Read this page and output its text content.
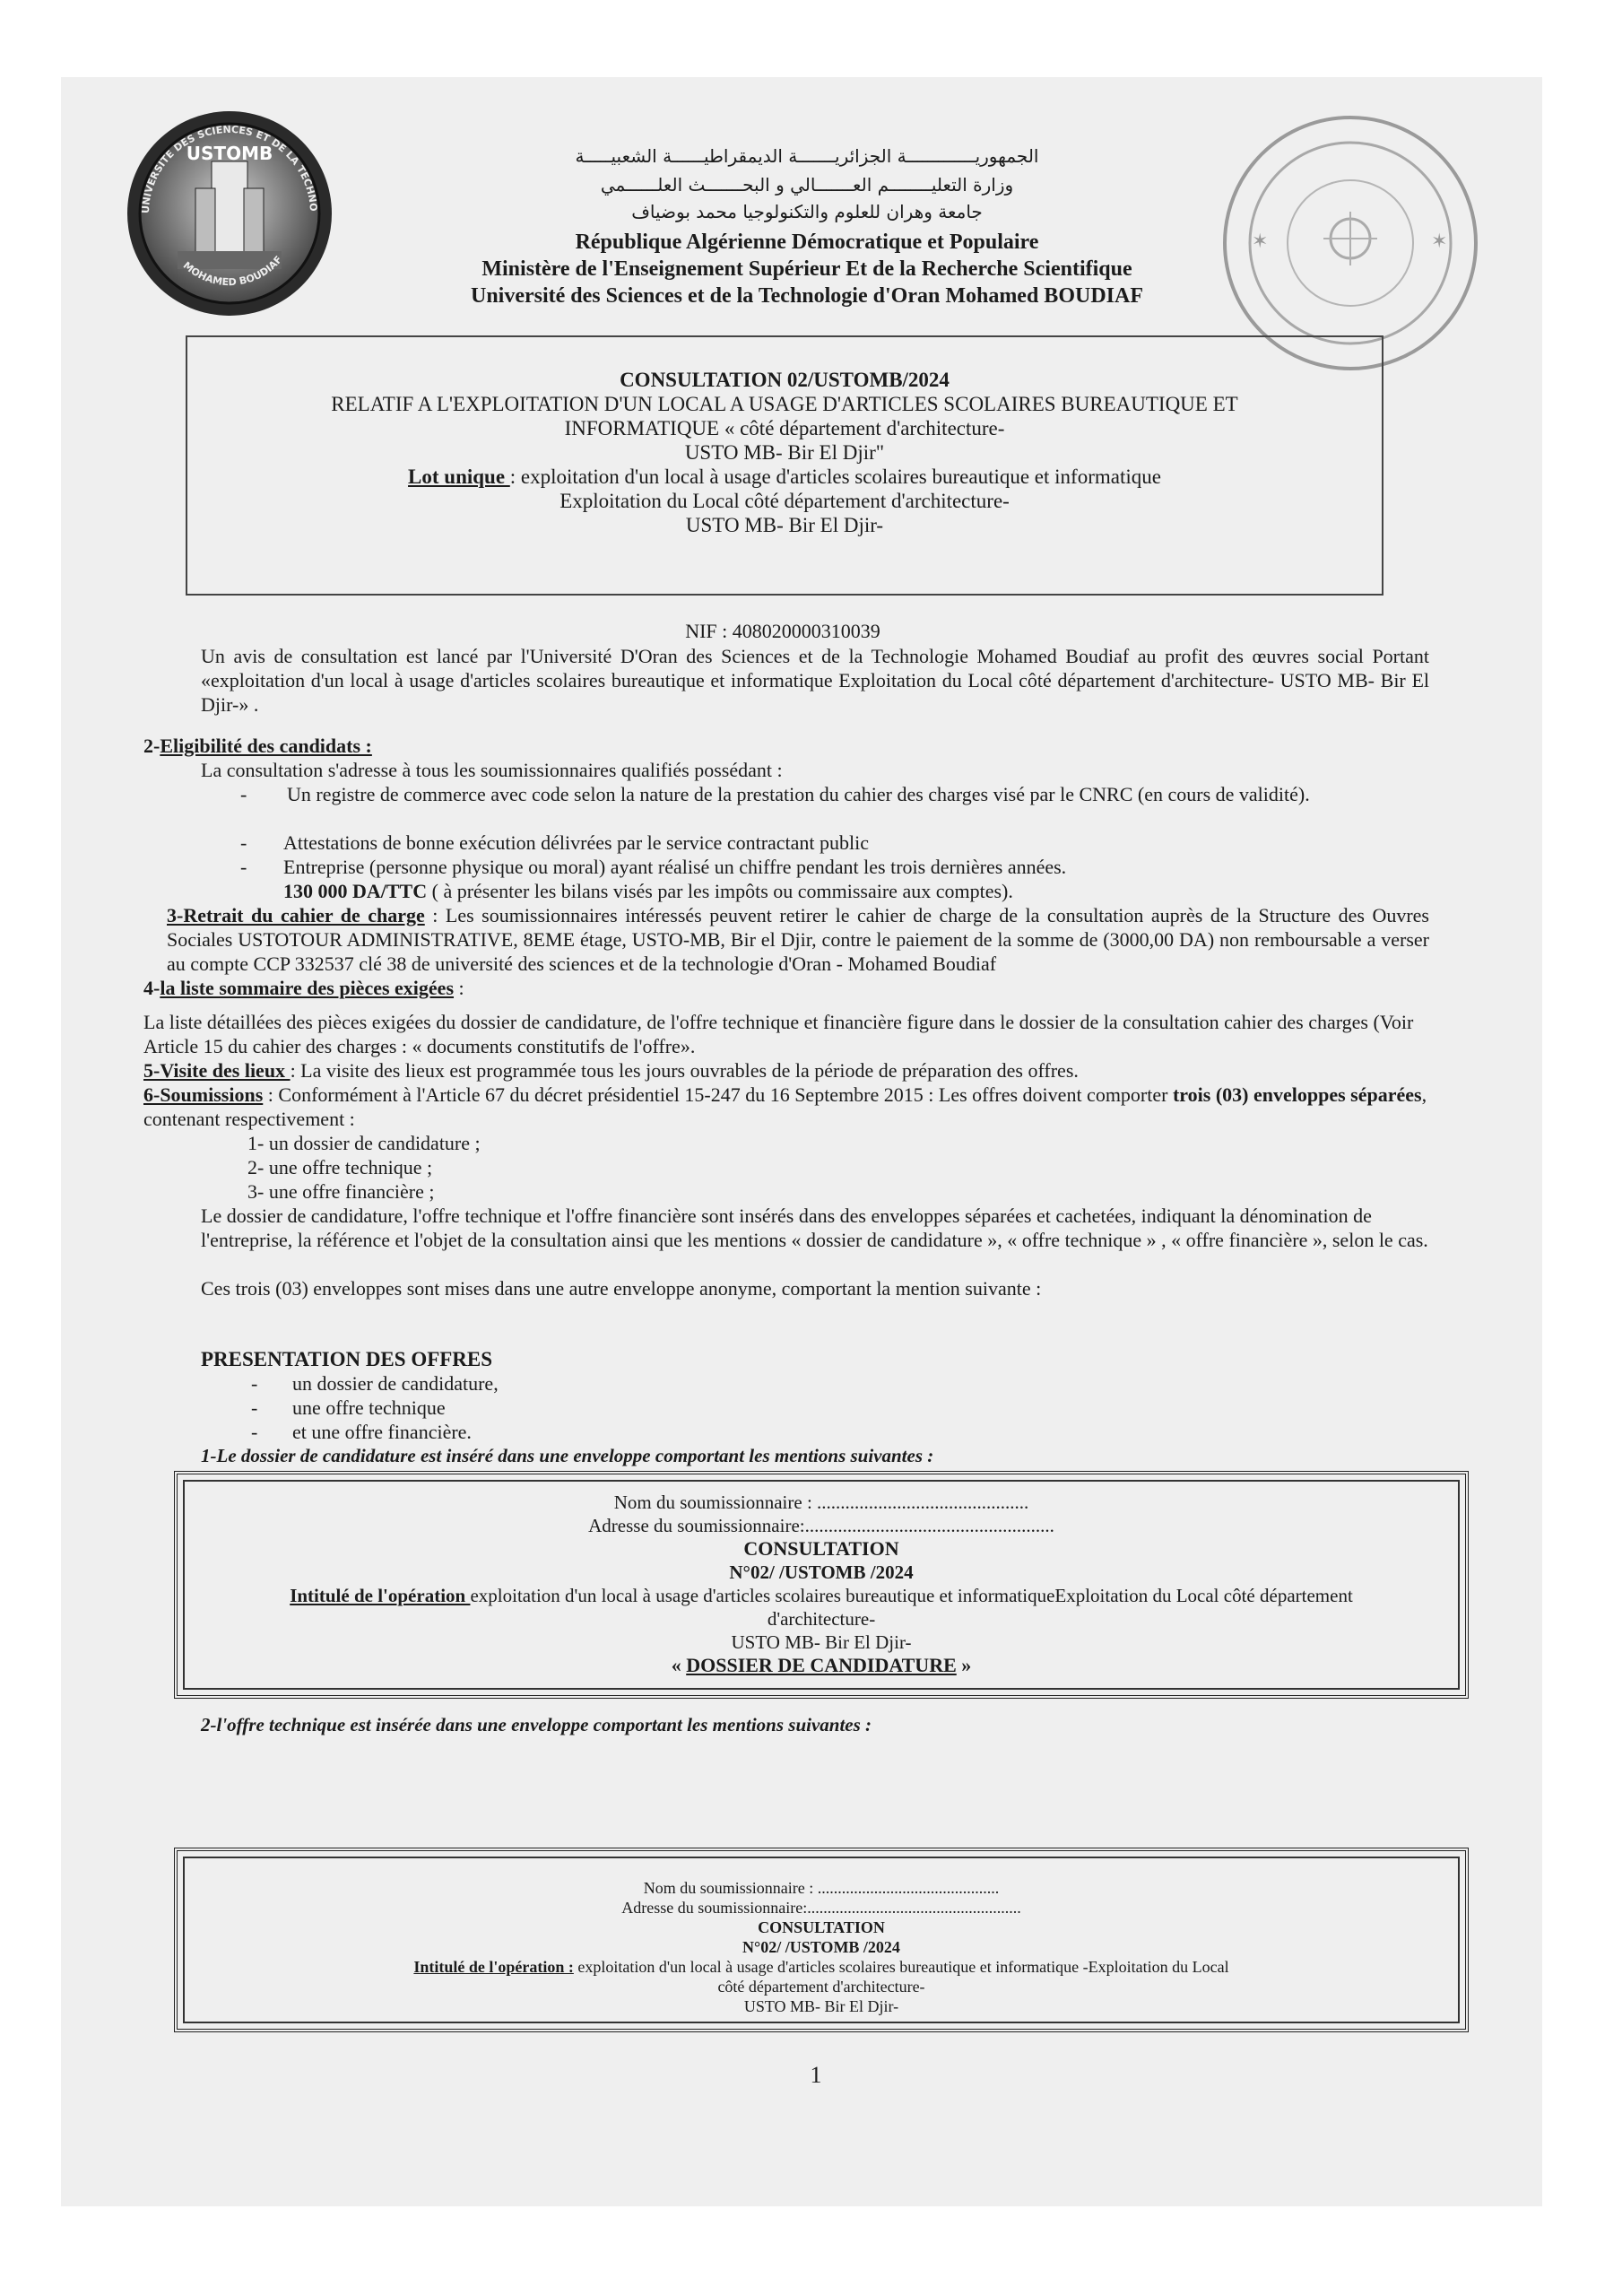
UNIVERSITE DES SCIENCES ET DE LA TECHNO
MOHAMED BOUDIAF
USTOMB
✶	✶
الجمهوريـــــــــــــة الجزائريـــــــة الديمقراطيــــــة الشعبيـــــة
وزارة التعليــــــــم العـــــــالي و البحـــــــث العلــــــمي
جامعة وهران للعلوم والتكنولوجيا محمد بوضياف
République Algérienne Démocratique et Populaire
Ministère de l'Enseignement Supérieur Et de la Recherche Scientifique
Université des Sciences et de la Technologie d'Oran Mohamed BOUDIAF
CONSULTATION 02/USTOMB/2024
RELATIF A L'EXPLOITATION D'UN LOCAL A USAGE D'ARTICLES SCOLAIRES BUREAUTIQUE ET
INFORMATIQUE « côté département d'architecture-
USTO MB- Bir El Djir"
Lot unique : exploitation d'un local à usage d'articles scolaires bureautique et informatique
Exploitation du Local côté département d'architecture-
USTO MB- Bir El Djir-
NIF : 408020000310039
Un avis de consultation est lancé par l'Université D'Oran des Sciences et de la Technologie Mohamed Boudiaf au profit des œuvres social Portant «exploitation d'un local à usage d'articles scolaires bureautique et informatique Exploitation du Local côté département d'architecture- USTO MB- Bir El Djir-» .
2-Eligibilité des candidats :
La consultation s'adresse à tous les soumissionnaires qualifiés possédant :
- Un registre de commerce avec code selon la nature de la prestation du cahier des charges visé par le CNRC (en cours de validité).
- Attestations de bonne exécution délivrées par le service contractant public
- Entreprise (personne physique ou moral) ayant réalisé un chiffre pendant les trois dernières années.
130 000 DA/TTC ( à présenter les bilans visés par les impôts ou commissaire aux comptes).
3-Retrait du cahier de charge : Les soumissionnaires intéressés peuvent retirer le cahier de charge de la consultation auprès de la Structure des Ouvres Sociales USTOTOUR ADMINISTRATIVE, 8EME étage, USTO-MB, Bir el Djir, contre le paiement de la somme de (3000,00 DA) non remboursable a verser au compte CCP 332537 clé 38 de université des sciences et de la technologie d'Oran - Mohamed Boudiaf
4-la liste sommaire des pièces exigées :
La liste détaillées des pièces exigées du dossier de candidature, de l'offre technique et financière figure dans le dossier de la consultation cahier des charges (Voir Article 15 du cahier des charges : « documents constitutifs de l'offre».
5-Visite des lieux : La visite des lieux est programmée tous les jours ouvrables de la période de préparation des offres.
6-Soumissions : Conformément à l'Article 67 du décret présidentiel 15-247 du 16 Septembre 2015 : Les offres doivent comporter trois (03) enveloppes séparées, contenant respectivement :
1- un dossier de candidature ;
2- une offre technique ;
3- une offre financière ;
Le dossier de candidature, l'offre technique et l'offre financière sont insérés dans des enveloppes séparées et cachetées, indiquant la dénomination de l'entreprise, la référence et l'objet de la consultation ainsi que les mentions « dossier de candidature », « offre technique » , « offre financière », selon le cas.
Ces trois (03) enveloppes sont mises dans une autre enveloppe anonyme, comportant la mention suivante :
PRESENTATION DES OFFRES
- un dossier de candidature,
- une offre technique
- et une offre financière.
1-Le dossier de candidature est inséré dans une enveloppe comportant les mentions suivantes :
Nom du soumissionnaire : .............................................
Adresse du soumissionnaire:.....................................................
CONSULTATION
N°02/ /USTOMB /2024
Intitulé de l'opération exploitation d'un local à usage d'articles scolaires bureautique et informatiqueExploitation du Local côté département d'architecture-
USTO MB- Bir El Djir-
« DOSSIER DE CANDIDATURE »
2-l'offre technique est insérée dans une enveloppe comportant les mentions suivantes :
Nom du soumissionnaire : .............................................
Adresse du soumissionnaire:.....................................................
CONSULTATION
N°02/ /USTOMB /2024
Intitulé de l'opération : exploitation d'un local à usage d'articles scolaires bureautique et informatique -Exploitation du Local côté département d'architecture-
USTO MB- Bir El Djir-
1
